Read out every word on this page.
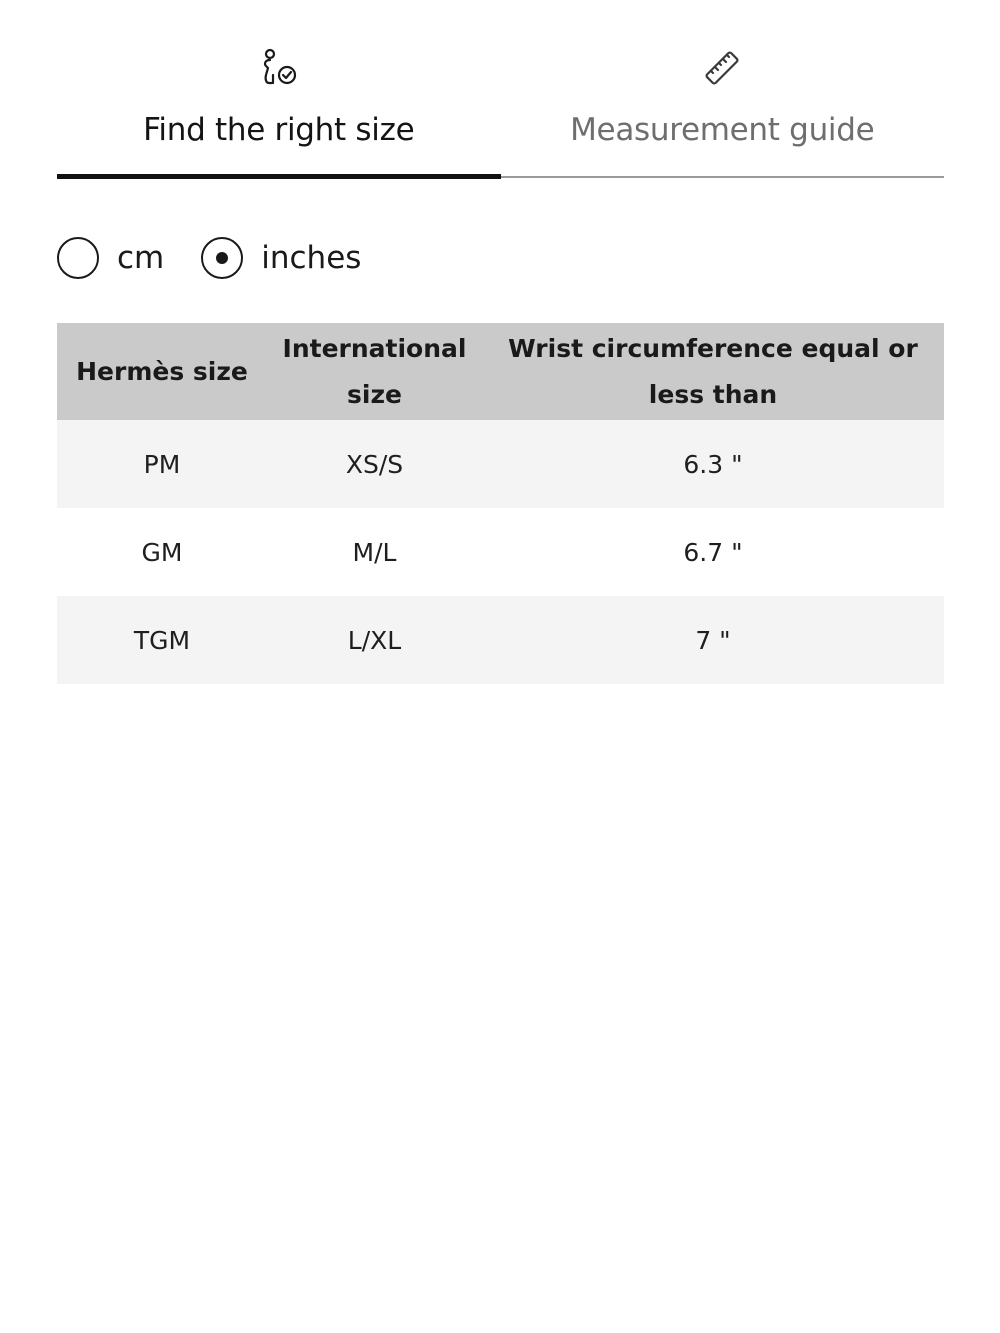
Find the right size	Measurement guide
cm	inches
Hermès size	International size	Wrist circumference equal or less than
PM	XS/S	6.3 "
GM	M/L	6.7 "
TGM	L/XL	7 "
